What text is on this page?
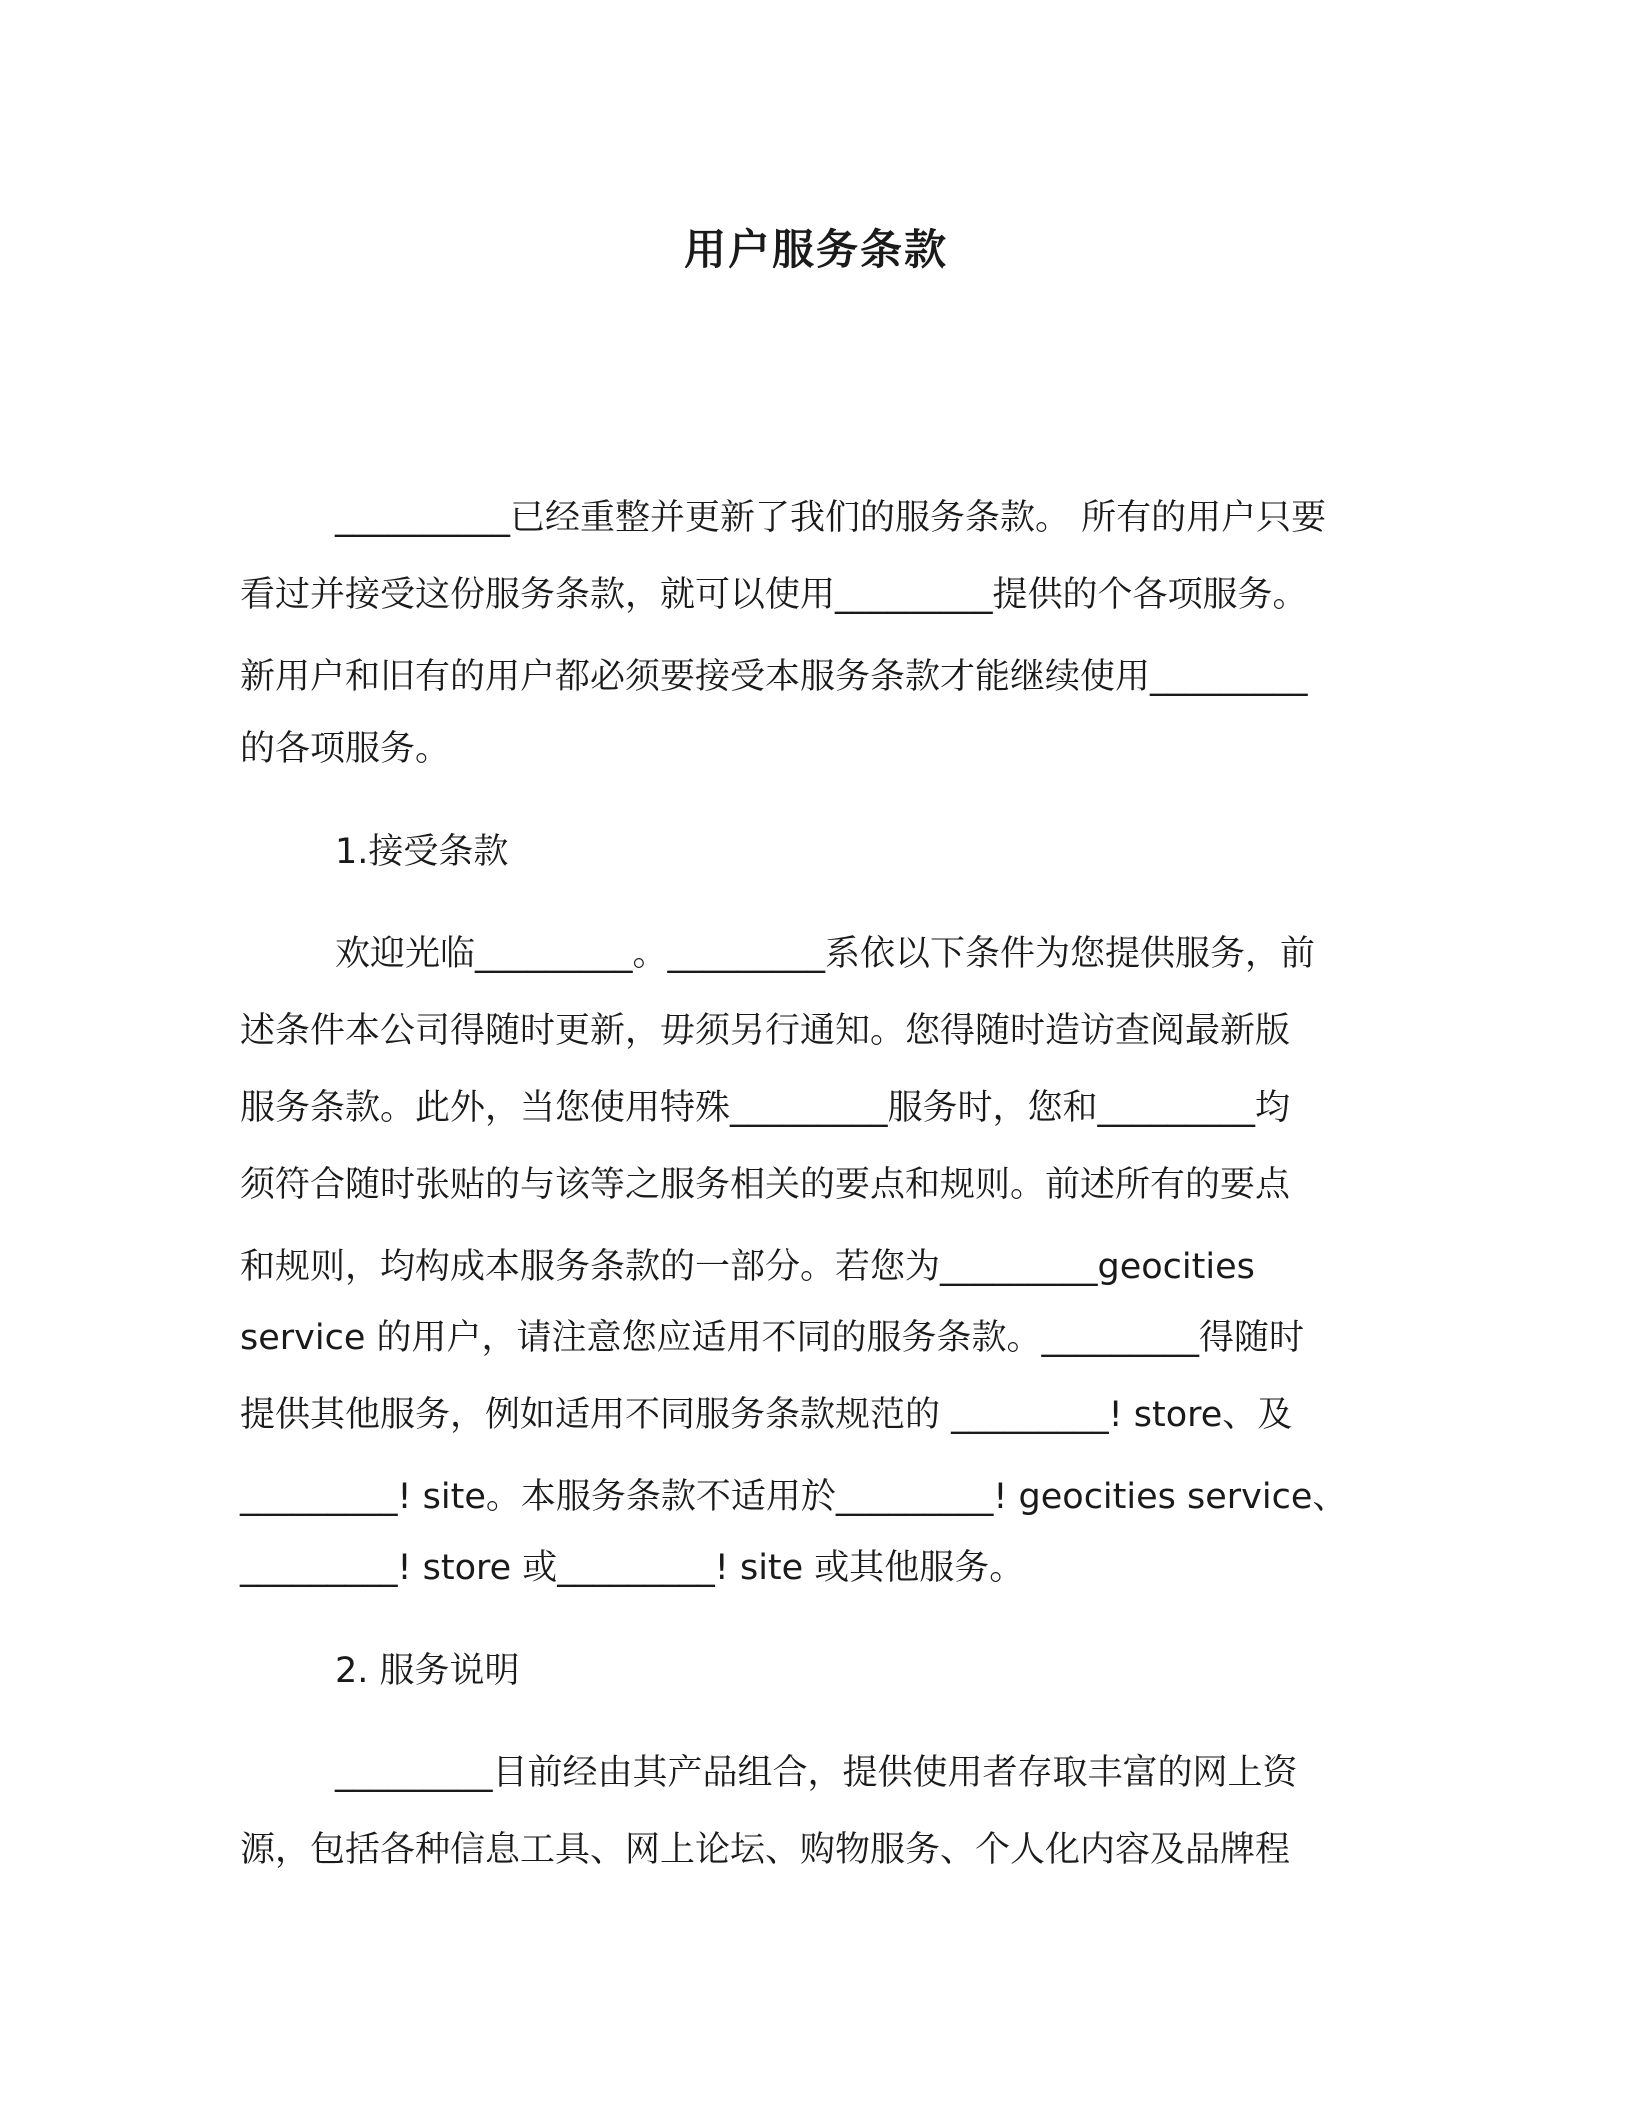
用户服务条款
__________已经重整并更新了我们的服务条款。 所有的用户只要
看过并接受这份服务条款，就可以使用_________提供的个各项服务。
新用户和旧有的用户都必须要接受本服务条款才能继续使用_________
的各项服务。
1.接受条款
欢迎光临_________。_________系依以下条件为您提供服务，前
述条件本公司得随时更新，毋须另行通知。您得随时造访查阅最新版
服务条款。此外，当您使用特殊_________服务时，您和_________均
须符合随时张贴的与该等之服务相关的要点和规则。前述所有的要点
和规则，均构成本服务条款的一部分。若您为_________geocities
service 的用户，请注意您应适用不同的服务条款。_________得随时
提供其他服务，例如适用不同服务条款规范的 _________! store、及
_________! site。本服务条款不适用於_________! geocities service、
_________! store 或_________! site 或其他服务。
2. 服务说明
_________目前经由其产品组合，提供使用者存取丰富的网上资
源，包括各种信息工具、网上论坛、购物服务、个人化内容及品牌程
